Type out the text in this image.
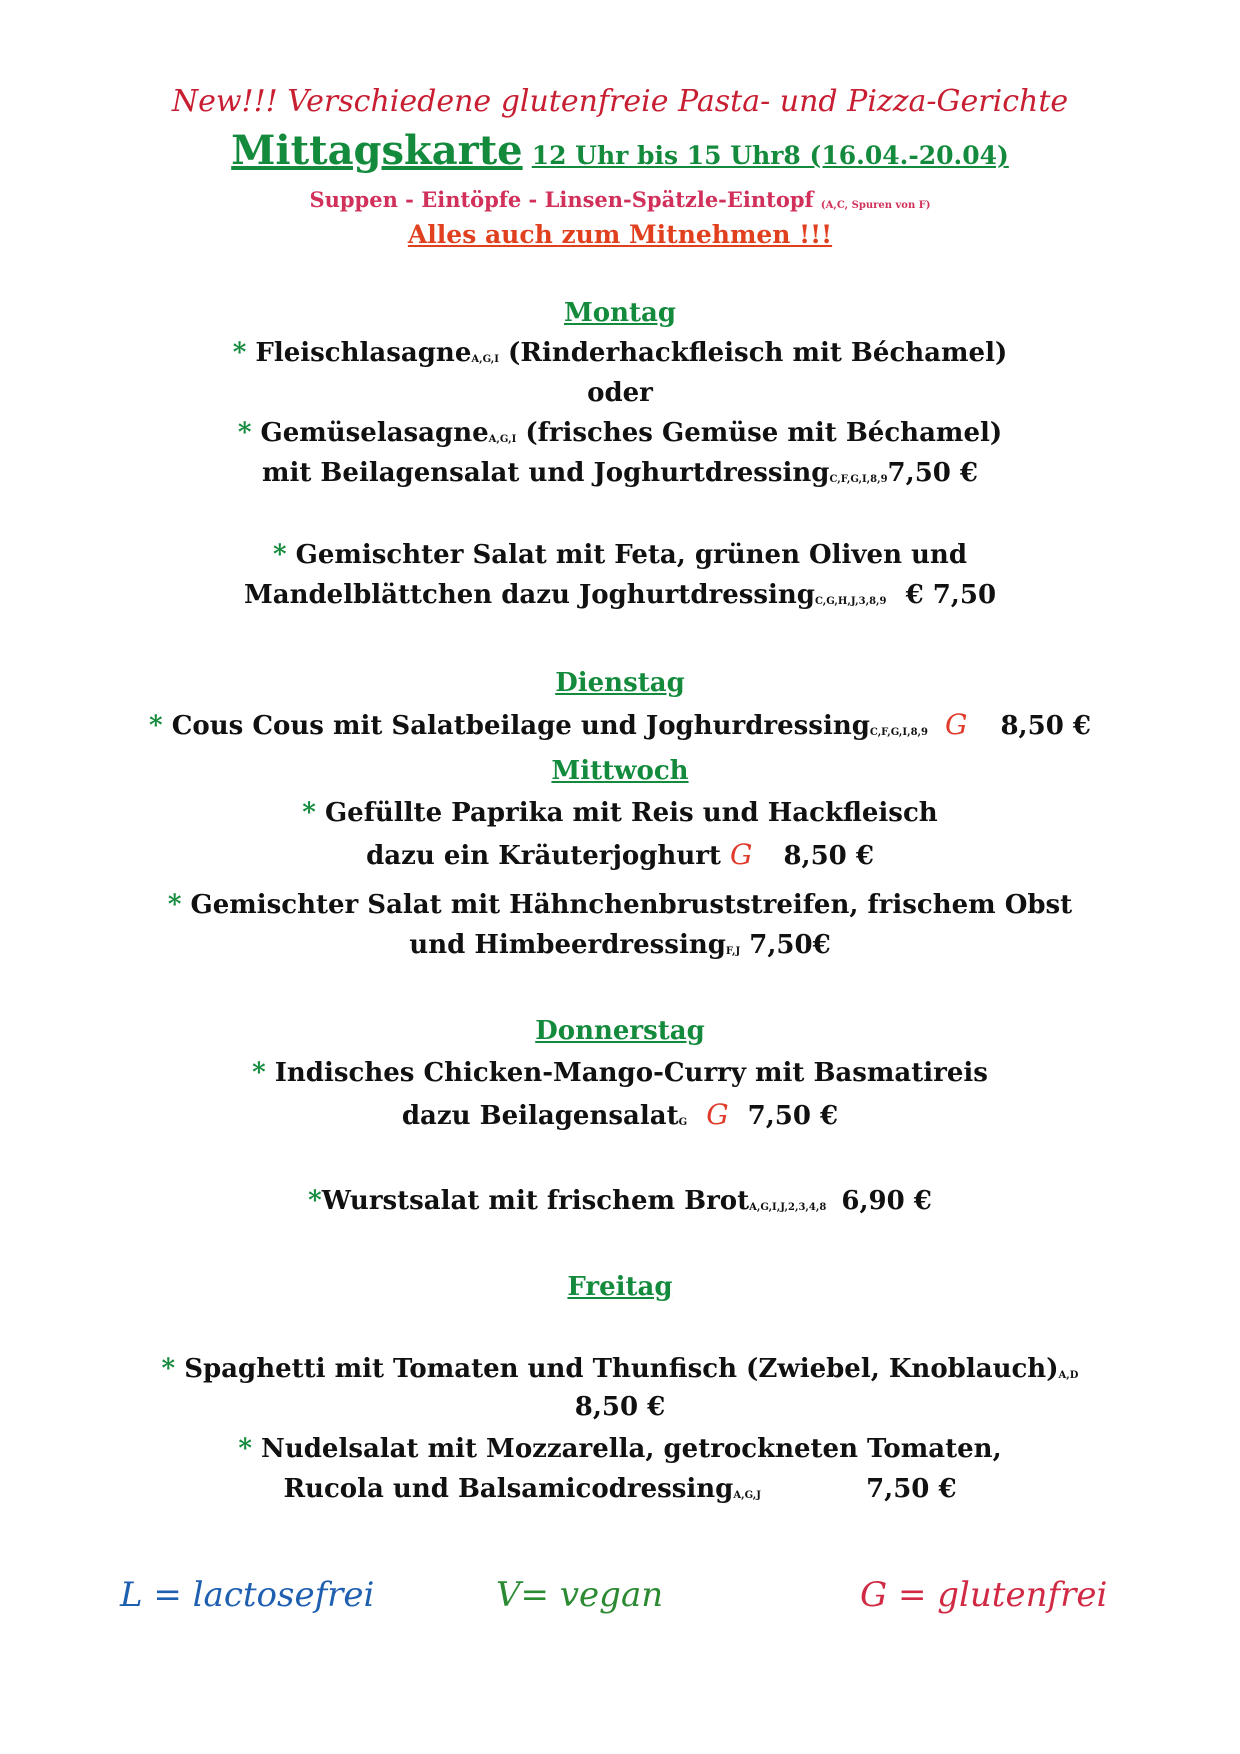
New!!! Verschiedene glutenfreie Pasta- und Pizza-Gerichte
Mittagskarte 12 Uhr bis 15 Uhr8 (16.04.-20.04)
Suppen - Eintöpfe - Linsen-Spätzle-Eintopf $_{(A,C, Spuren von F)}$
Alles auch zum Mitnehmen !!!
Montag
* FleischlasagneA,G,I (Rinderhackfleisch mit Béchamel)
oder
* GemüselasagneA,G,I (frisches Gemüse mit Béchamel)
mit Beilagensalat und JoghurtdressingC,F,G,I,8,97,50 €
* Gemischter Salat mit Feta, grünen Oliven und
Mandelblättchen dazu JoghurtdressingC,G,H,J,3,8,9 € 7,50
Dienstag
* Cous Cous mit Salatbeilage und JoghurdressingC,F,G,I,8,9 G 8,50 €
Mittwoch
* Gefüllte Paprika mit Reis und Hackfleisch
dazu ein Kräuterjoghurt G 8,50 €
* Gemischter Salat mit Hähnchenbruststreifen, frischem Obst
und HimbeerdressingF,J 7,50€
Donnerstag
* Indisches Chicken-Mango-Curry mit Basmatireis
dazu BeilagensalatG G 7,50 €
*Wurstsalat mit frischem BrotA,G,I,J,2,3,4,8 6,90 €
Freitag
* Spaghetti mit Tomaten und Thunfisch (Zwiebel, Knoblauch)A,D
8,50 €
* Nudelsalat mit Mozzarella, getrockneten Tomaten,
Rucola und BalsamicodressingA,G,J	7,50 €
L = lactosefrei	V= vegan	G = glutenfrei
